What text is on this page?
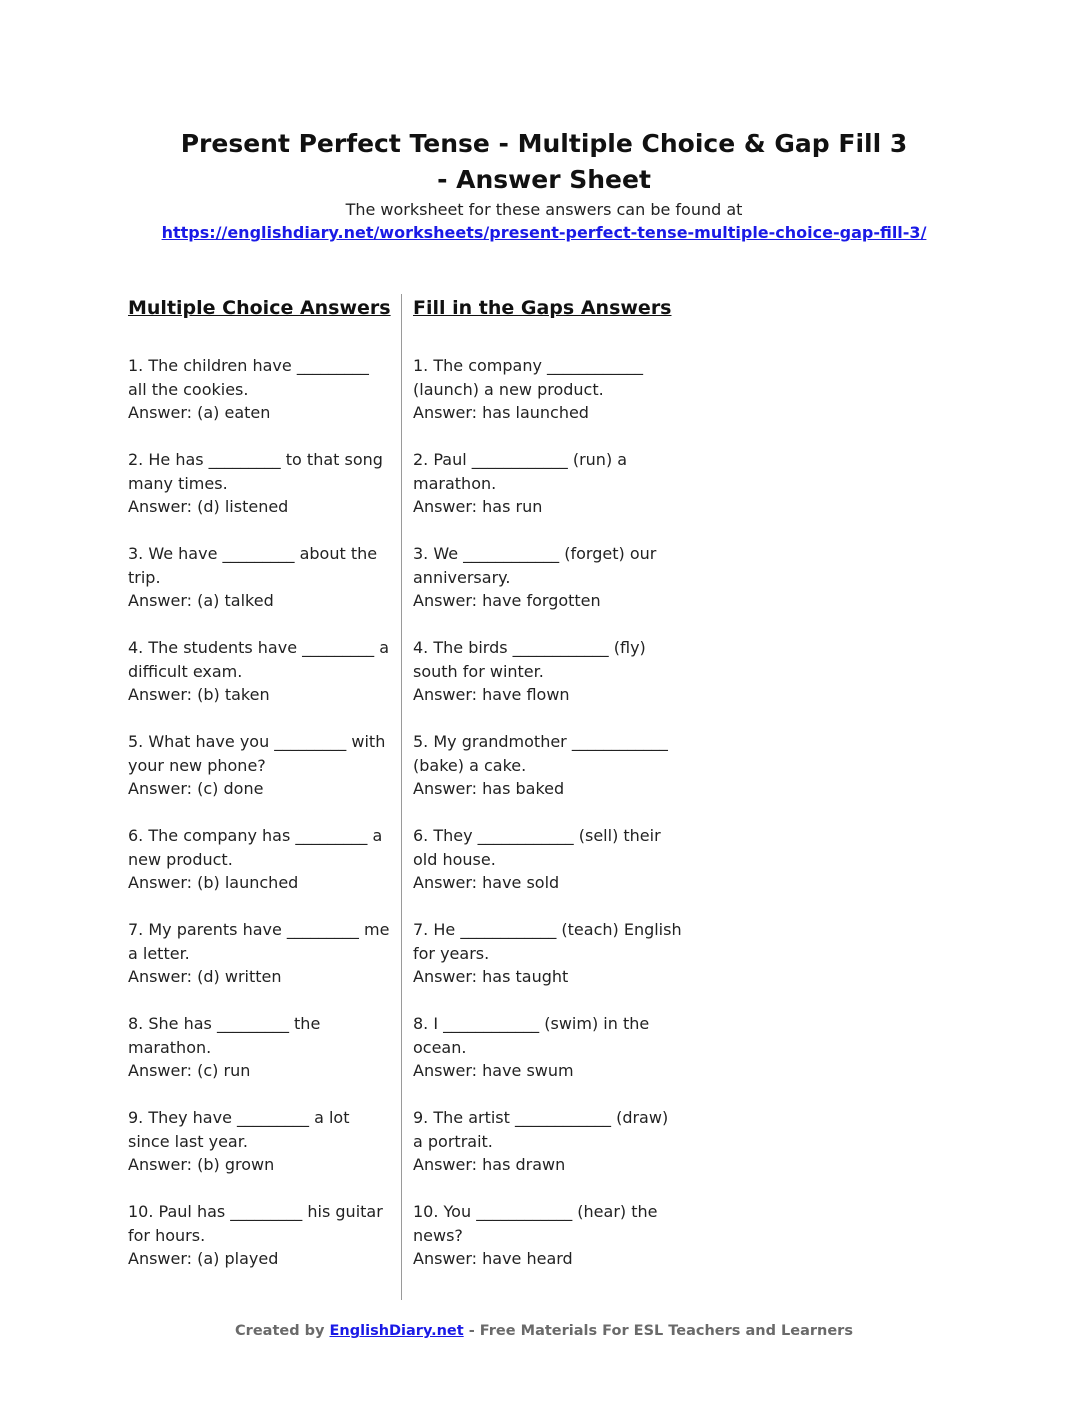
Present Perfect Tense - Multiple Choice & Gap Fill 3
- Answer Sheet
The worksheet for these answers can be found at
https://englishdiary.net/worksheets/present-perfect-tense-multiple-choice-gap-fill-3/
Multiple Choice Answers
1. The children have _________ all the cookies.
Answer: (a) eaten
2. He has _________ to that song many times.
Answer: (d) listened
3. We have _________ about the trip.
Answer: (a) talked
4. The students have _________ a difficult exam.
Answer: (b) taken
5. What have you _________ with your new phone?
Answer: (c) done
6. The company has _________ a new product.
Answer: (b) launched
7. My parents have _________ me a letter.
Answer: (d) written
8. She has _________ the marathon.
Answer: (c) run
9. They have _________ a lot since last year.
Answer: (b) grown
10. Paul has _________ his guitar for hours.
Answer: (a) played
Fill in the Gaps Answers
1. The company ____________ (launch) a new product.
Answer: has launched
2. Paul ____________ (run) a marathon.
Answer: has run
3. We ____________ (forget) our anniversary.
Answer: have forgotten
4. The birds ____________ (fly) south for winter.
Answer: have flown
5. My grandmother ____________ (bake) a cake.
Answer: has baked
6. They ____________ (sell) their old house.
Answer: have sold
7. He ____________ (teach) English for years.
Answer: has taught
8. I ____________ (swim) in the ocean.
Answer: have swum
9. The artist ____________ (draw) a portrait.
Answer: has drawn
10. You ____________ (hear) the news?
Answer: have heard
Created by EnglishDiary.net - Free Materials For ESL Teachers and Learners
